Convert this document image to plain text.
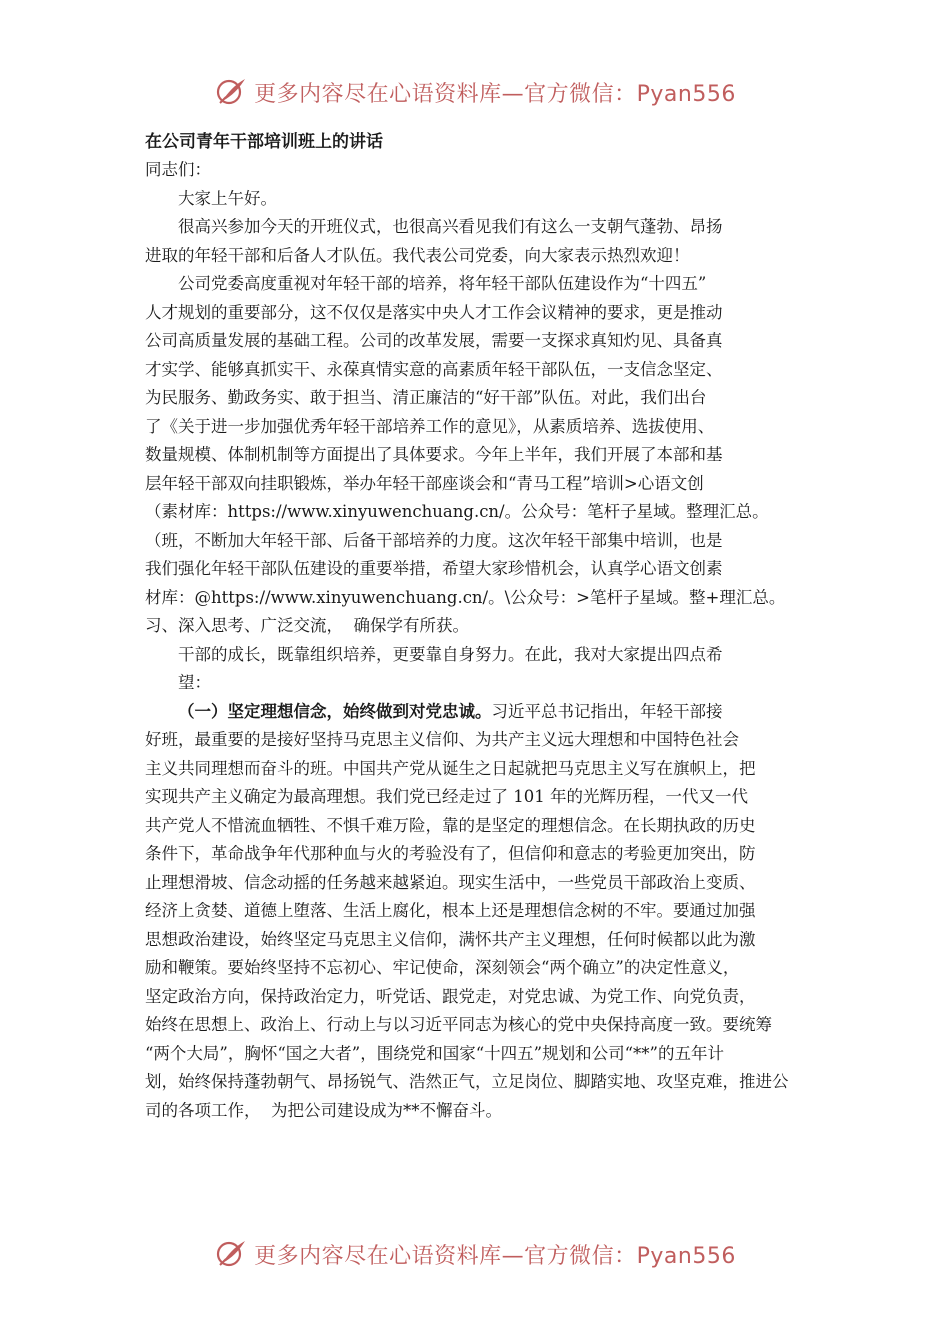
更多内容尽在心语资料库—官方微信：Pyan556

在公司青年干部培训班上的讲话

同志们：

大家上午好。

很高兴参加今天的开班仪式，也很高兴看见我们有这么一支朝气蓬勃、昂扬

进取的年轻干部和后备人才队伍。我代表公司党委，向大家表示热烈欢迎！

公司党委高度重视对年轻干部的培养，将年轻干部队伍建设作为“十四五”

人才规划的重要部分，这不仅仅是落实中央人才工作会议精神的要求，更是推动

公司高质量发展的基础工程。公司的改革发展，需要一支探求真知灼见、具备真

才实学、能够真抓实干、永葆真情实意的高素质年轻干部队伍，一支信念坚定、

为民服务、勤政务实、敢于担当、清正廉洁的“好干部”队伍。对此，我们出台

了《关于进一步加强优秀年轻干部培养工作的意见》，从素质培养、选拔使用、

数量规模、体制机制等方面提出了具体要求。今年上半年，我们开展了本部和基

层年轻干部双向挂职锻炼，举办年轻干部座谈会和“青马工程”培训>心语文创

（素材库：https://www.xinyuwenchuang.cn/。公众号：笔杆子星域。整理汇总。

（班，不断加大年轻干部、后备干部培养的力度。这次年轻干部集中培训，也是

我们强化年轻干部队伍建设的重要举措，希望大家珍惜机会，认真学心语文创素

材库：@https://www.xinyuwenchuang.cn/。\公众号：>笔杆子星域。整+理汇总。

习、深入思考、广泛交流，  确保学有所获。

干部的成长，既靠组织培养，更要靠自身努力。在此，我对大家提出四点希

望：

（一）坚定理想信念，始终做到对党忠诚。习近平总书记指出，年轻干部接

好班，最重要的是接好坚持马克思主义信仰、为共产主义远大理想和中国特色社会

主义共同理想而奋斗的班。中国共产党从诞生之日起就把马克思主义写在旗帜上，把

实现共产主义确定为最高理想。我们党已经走过了 101 年的光辉历程，一代又一代

共产党人不惜流血牺牲、不惧千难万险，靠的是坚定的理想信念。在长期执政的历史

条件下，革命战争年代那种血与火的考验没有了，但信仰和意志的考验更加突出，防

止理想滑坡、信念动摇的任务越来越紧迫。现实生活中，一些党员干部政治上变质、

经济上贪婪、道德上堕落、生活上腐化，根本上还是理想信念树的不牢。要通过加强

思想政治建设，始终坚定马克思主义信仰，满怀共产主义理想，任何时候都以此为激

励和鞭策。要始终坚持不忘初心、牢记使命，深刻领会“两个确立”的决定性意义，

坚定政治方向，保持政治定力，听党话、跟党走，对党忠诚、为党工作、向党负责，

始终在思想上、政治上、行动上与以习近平同志为核心的党中央保持高度一致。要统筹

“两个大局”，胸怀“国之大者”，围绕党和国家“十四五”规划和公司“**”的五年计

划，始终保持蓬勃朝气、昂扬锐气、浩然正气，立足岗位、脚踏实地、攻坚克难，推进公

司的各项工作，  为把公司建设成为**不懈奋斗。

更多内容尽在心语资料库—官方微信：Pyan556
